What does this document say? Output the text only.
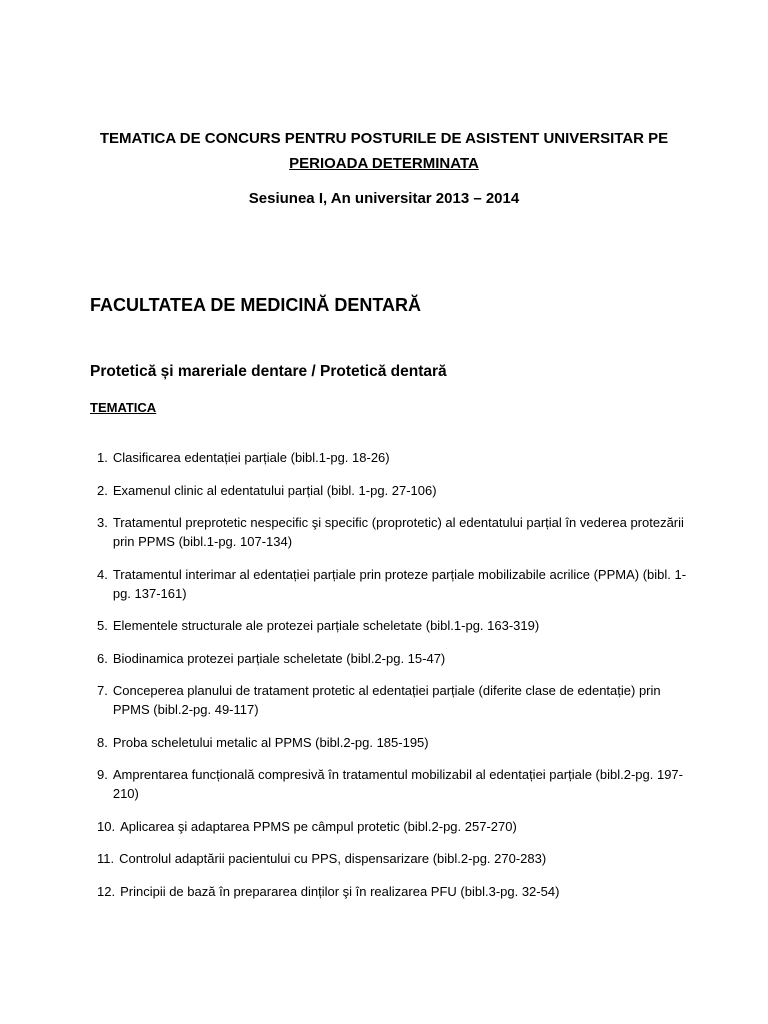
TEMATICA DE CONCURS PENTRU POSTURILE DE ASISTENT UNIVERSITAR PE
PERIOADA DETERMINATA
Sesiunea I, An universitar 2013 – 2014
FACULTATEA DE MEDICINĂ DENTARĂ
Protetică și mareriale dentare / Protetică dentară
TEMATICA
1. Clasificarea edentației parțiale (bibl.1-pg. 18-26)
2. Examenul clinic al edentatului parțial (bibl. 1-pg. 27-106)
3. Tratamentul preprotetic nespecific şi specific (proprotetic) al edentatului parțial în vederea protezării prin PPMS (bibl.1-pg. 107-134)
4. Tratamentul interimar al edentației parțiale prin proteze parțiale mobilizabile acrilice (PPMA) (bibl. 1-pg. 137-161)
5. Elementele structurale ale protezei parțiale scheletate (bibl.1-pg. 163-319)
6. Biodinamica protezei parțiale scheletate (bibl.2-pg. 15-47)
7. Conceperea planului de tratament protetic al edentației parțiale (diferite clase de edentație) prin PPMS (bibl.2-pg. 49-117)
8. Proba scheletului metalic al PPMS (bibl.2-pg. 185-195)
9. Amprentarea funcțională compresivă în tratamentul mobilizabil al edentației parțiale (bibl.2-pg. 197-210)
10. Aplicarea şi adaptarea PPMS pe câmpul protetic (bibl.2-pg. 257-270)
11. Controlul adaptării pacientului cu PPS, dispensarizare (bibl.2-pg. 270-283)
12. Principii de bază în prepararea dinților şi în realizarea PFU (bibl.3-pg. 32-54)
